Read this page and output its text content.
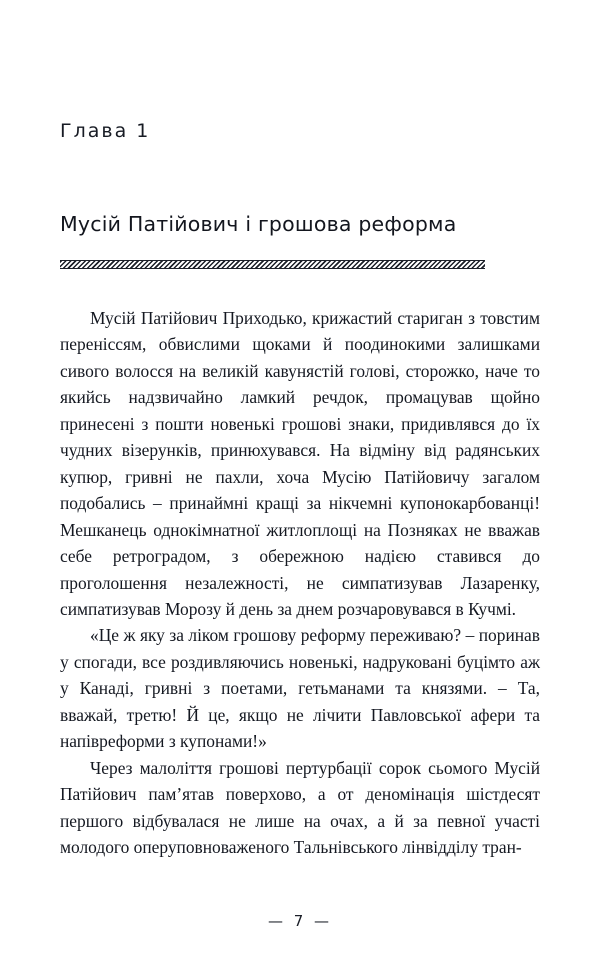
Глава 1
Мусій Патійович і грошова реформа

Мусій Патійович Приходько, крижастий стариган з товстим переніссям, обвислими щоками й поодинокими залишками сивого волосся на великій кавунястій голові, сторожко, наче то якийсь надзвичайно ламкий речдок, промацував щойно принесені з пошти новенькі грошові знаки, придивлявся до їх чудних візерунків, принюхувався. На відміну від радянських купюр, гривні не пахли, хоча Мусію Патійовичу загалом подобались – принаймні кращі за нікчемні купонокарбованці! Мешканець однокімнатної житлоплощі на Позняках не вважав себе ретроградом, з обережною надією ставився до проголошення незалежності, не симпатизував Лазаренку, симпатизував Морозу й день за днем розчаровувався в Кучмі.

«Це ж яку за ліком грошову реформу переживаю? – поринав у спогади, все роздивляючись новенькі, надруковані буцімто аж у Канаді, гривні з поетами, гетьманами та князями. – Та, вважай, третю! Й це, якщо не лічити Павловської афери та напівреформи з купонами!»

Через малоліття грошові пертурбації сорок сьомого Мусій Патійович пам’ятав поверхово, а от деномінація шістдесят першого відбувалася не лише на очах, а й за певної участі молодого оперуповноваженого Тальнівського лінвідділу тран-

— 7 —
